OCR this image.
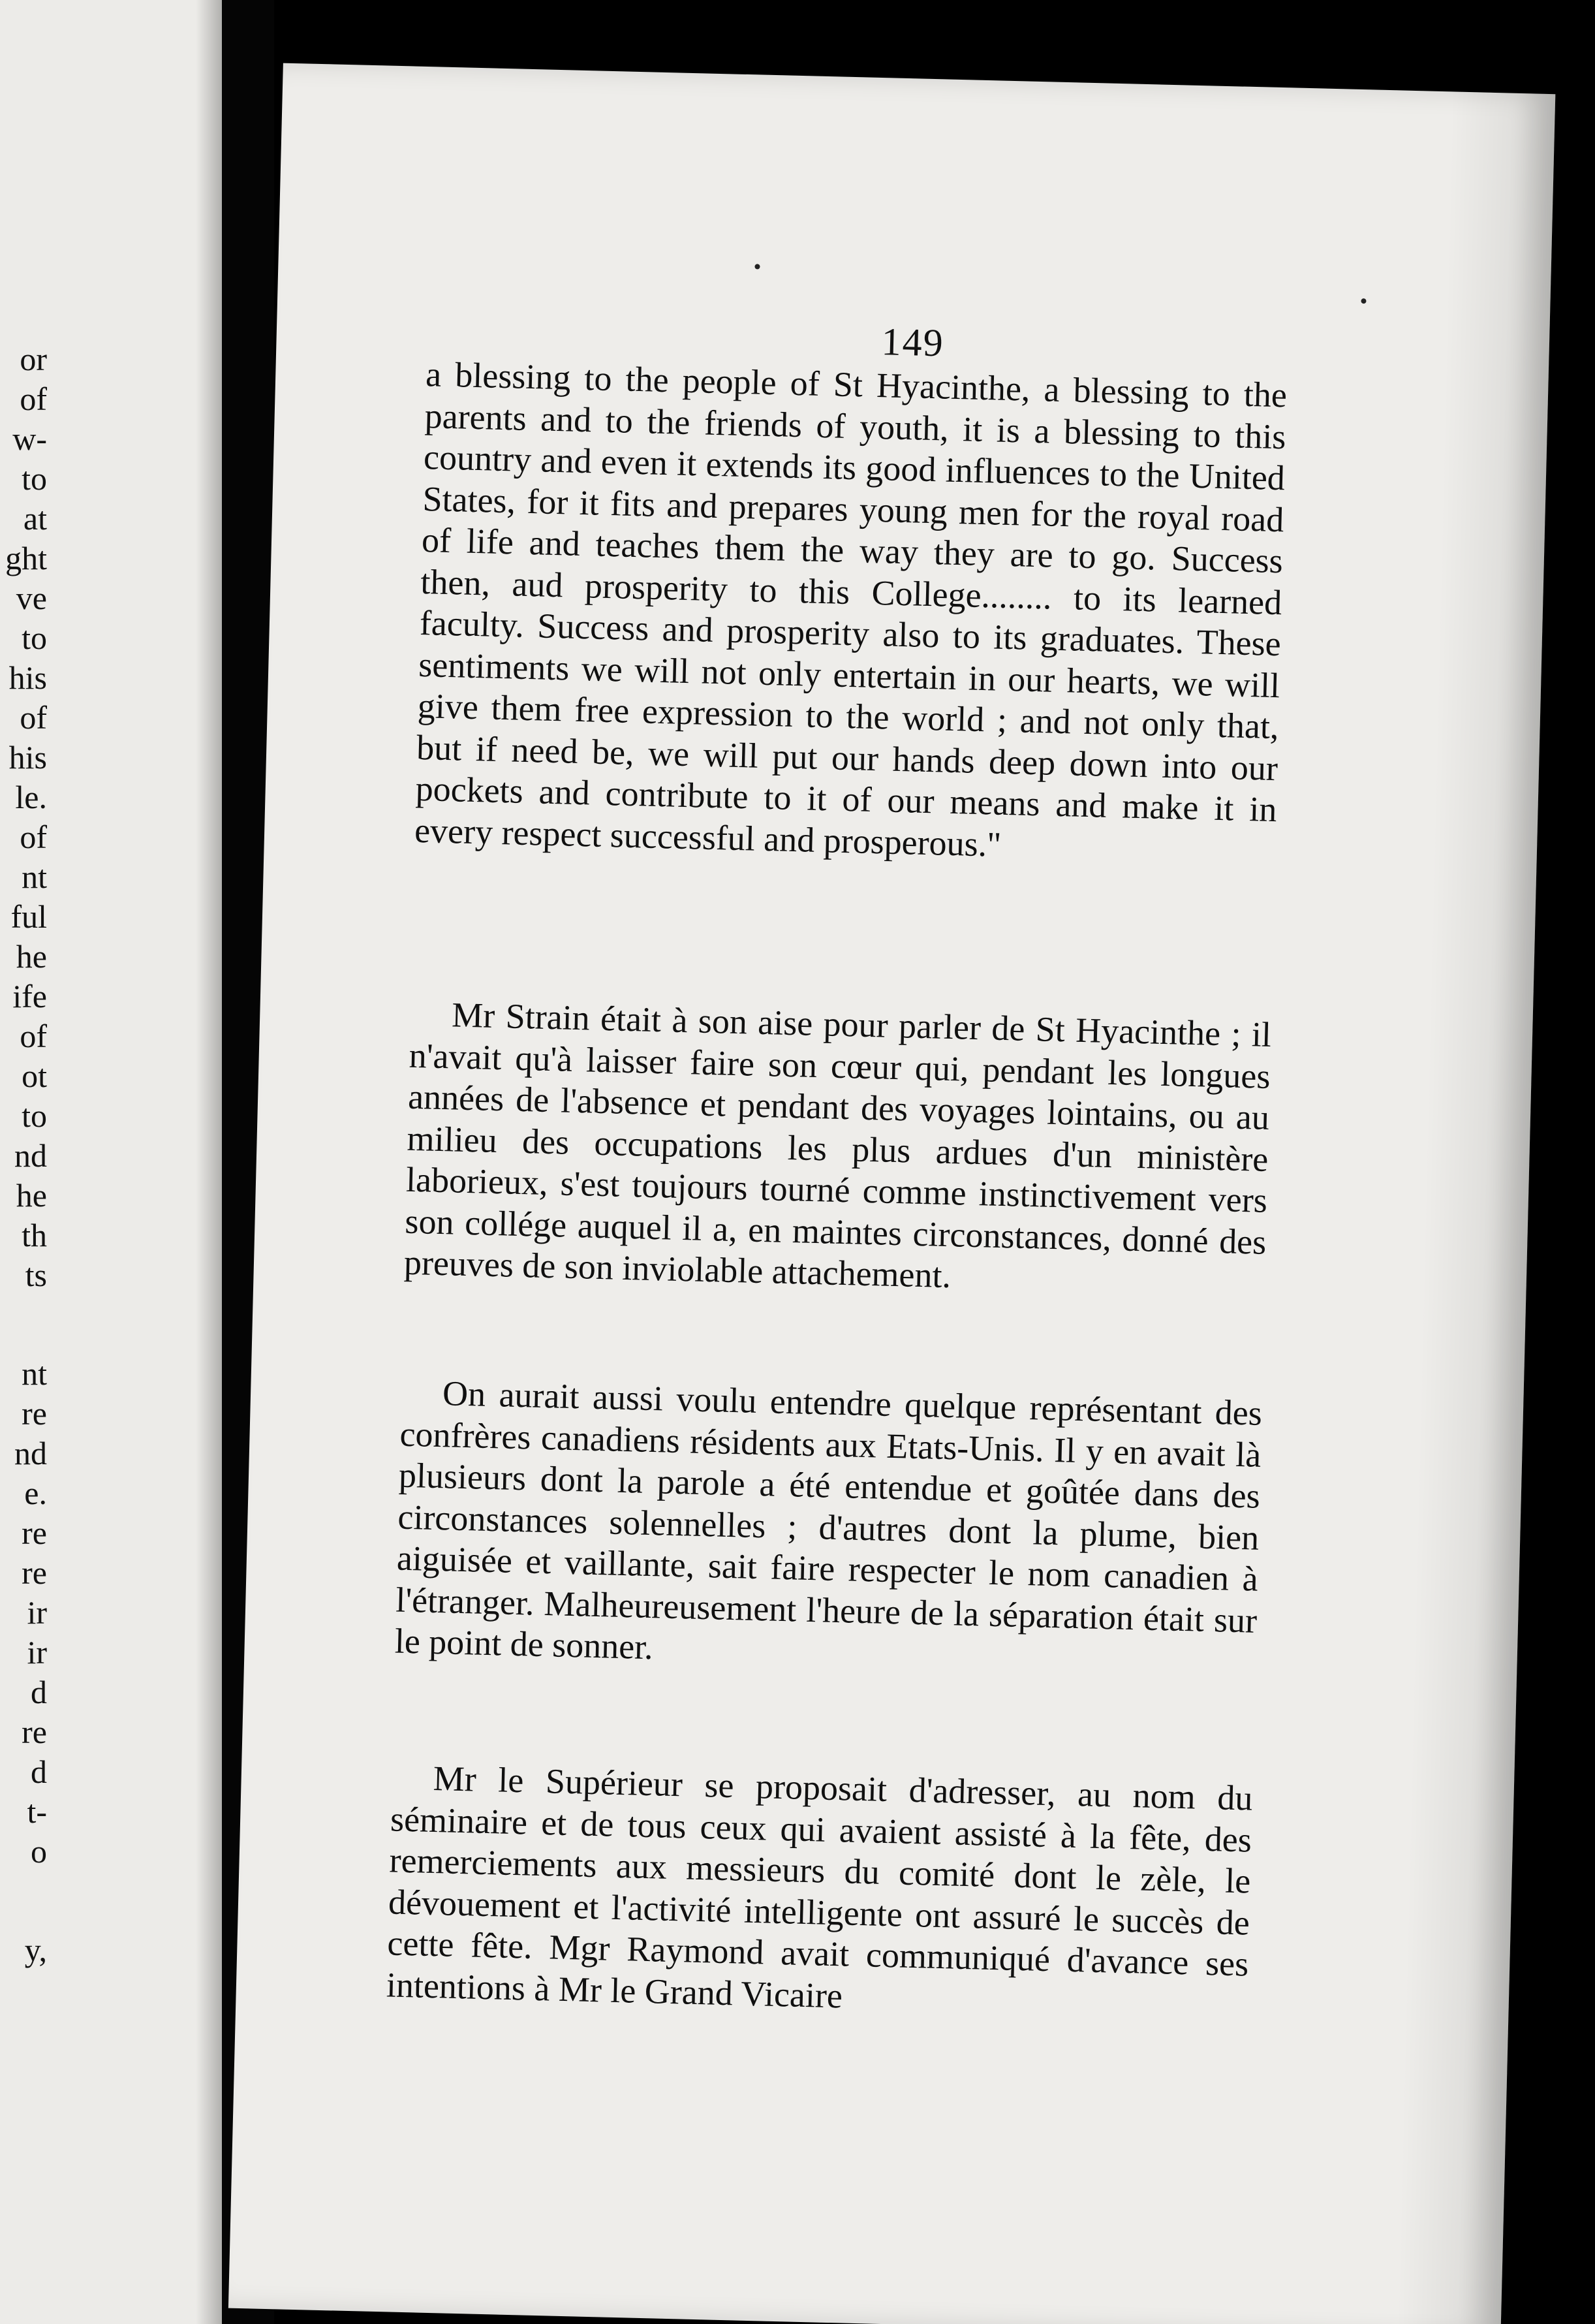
or
of
w-
to
at
ght
ve
to
his
of
his
le.
of
nt
ful
he
ife
of
ot
to
nd
he
th
ts
nt
re
nd
e.
re
re
ir
ir
d
re
d
t-
o
y,
149

a blessing to the people of St Hyacinthe, a blessing to the parents and to the friends of youth, it is a blessing to this country and even it extends its good influences to the United States, for it fits and prepares young men for the royal road of life and teaches them the way they are to go. Success then, aud prosperity to this College........ to its learned faculty. Success and prosperity also to its graduates. These sentiments we will not only entertain in our hearts, we will give them free expression to the world ; and not only that, but if need be, we will put our hands deep down into our pockets and contribute to it of our means and make it in every respect successful and prosperous."

Mr Strain était à son aise pour parler de St Hyacinthe ; il n'avait qu'à laisser faire son cœur qui, pendant les longues années de l'absence et pendant des voyages lointains, ou au milieu des occupations les plus ardues d'un ministère laborieux, s'est toujours tourné comme instinctivement vers son collége auquel il a, en maintes circonstances, donné des preuves de son inviolable attachement.

On aurait aussi voulu entendre quelque représentant des confrères canadiens résidents aux Etats-Unis. Il y en avait là plusieurs dont la parole a été entendue et goûtée dans des circonstances solennelles ; d'autres dont la plume, bien aiguisée et vaillante, sait faire respecter le nom canadien à l'étranger. Malheureusement l'heure de la séparation était sur le point de sonner.

Mr le Supérieur se proposait d'adresser, au nom du séminaire et de tous ceux qui avaient assisté à la fête, des remerciements aux messieurs du comité dont le zèle, le dévouement et l'activité intelligente ont assuré le succès de cette fête. Mgr Raymond avait communiqué d'avance ses intentions à Mr le Grand Vicaire
